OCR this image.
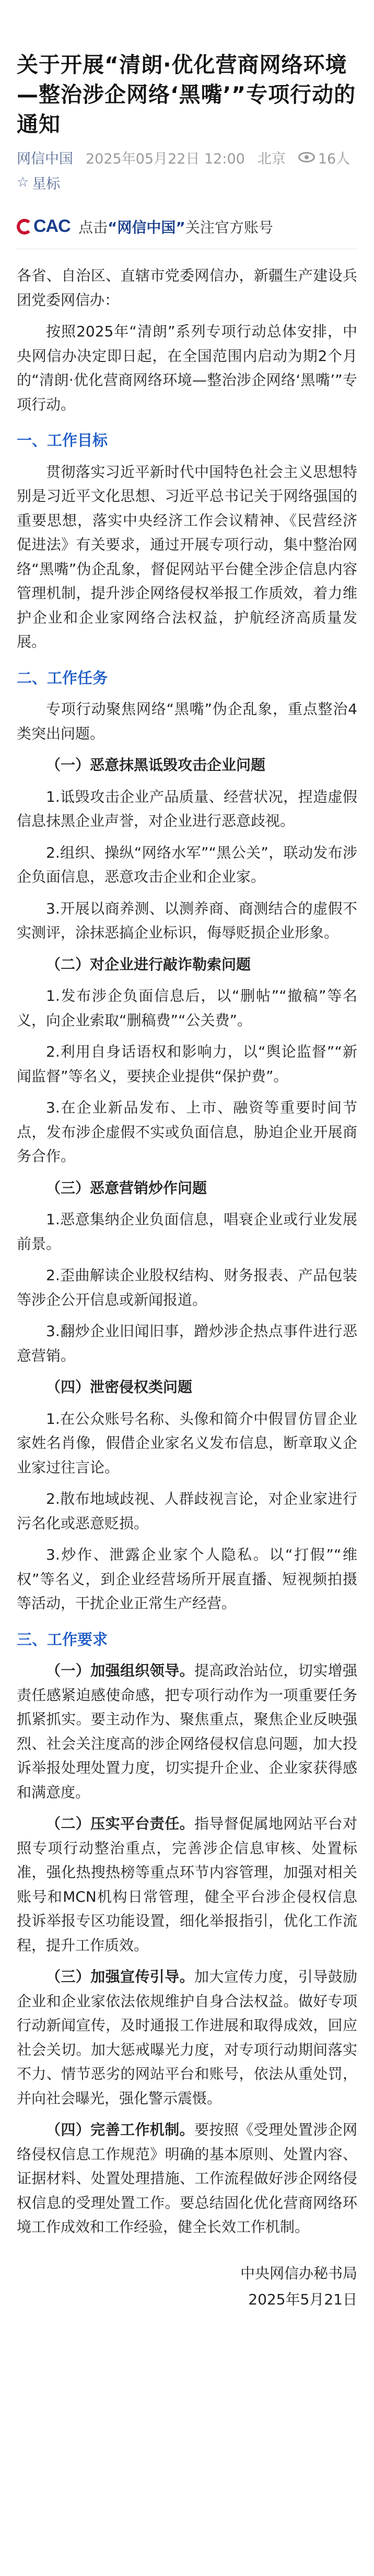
关于开展“清朗·优化营商网络环境—整治涉企网络‘黑嘴’”专项行动的通知
网信中国 2025年05月22日 12:00 北京 16人
☆ 星标
CAC 点击“网信中国”关注官方账号

各省、自治区、直辖市党委网信办，新疆生产建设兵团党委网信办：

按照2025年“清朗”系列专项行动总体安排，中央网信办决定即日起，在全国范围内启动为期2个月的“清朗·优化营商网络环境—整治涉企网络‘黑嘴’”专项行动。

一、工作目标

贯彻落实习近平新时代中国特色社会主义思想特别是习近平文化思想、习近平总书记关于网络强国的重要思想，落实中央经济工作会议精神、《民营经济促进法》有关要求，通过开展专项行动，集中整治网络“黑嘴”伪企乱象，督促网站平台健全涉企信息内容管理机制，提升涉企网络侵权举报工作质效，着力维护企业和企业家网络合法权益，护航经济高质量发展。

二、工作任务

专项行动聚焦网络“黑嘴”伪企乱象，重点整治4类突出问题。

（一）恶意抹黑诋毁攻击企业问题

1.诋毁攻击企业产品质量、经营状况，捏造虚假信息抹黑企业声誉，对企业进行恶意歧视。

2.组织、操纵“网络水军”“黑公关”，联动发布涉企负面信息，恶意攻击企业和企业家。

3.开展以商养测、以测养商、商测结合的虚假不实测评，涂抹恶搞企业标识，侮辱贬损企业形象。

（二）对企业进行敲诈勒索问题

1.发布涉企负面信息后，以“删帖”“撤稿”等名义，向企业索取“删稿费”“公关费”。

2.利用自身话语权和影响力，以“舆论监督”“新闻监督”等名义，要挟企业提供“保护费”。

3.在企业新品发布、上市、融资等重要时间节点，发布涉企虚假不实或负面信息，胁迫企业开展商务合作。

（三）恶意营销炒作问题

1.恶意集纳企业负面信息，唱衰企业或行业发展前景。

2.歪曲解读企业股权结构、财务报表、产品包装等涉企公开信息或新闻报道。

3.翻炒企业旧闻旧事，蹭炒涉企热点事件进行恶意营销。

（四）泄密侵权类问题

1.在公众账号名称、头像和简介中假冒仿冒企业家姓名肖像，假借企业家名义发布信息，断章取义企业家过往言论。

2.散布地域歧视、人群歧视言论，对企业家进行污名化或恶意贬损。

3.炒作、泄露企业家个人隐私。以“打假”“维权”等名义，到企业经营场所开展直播、短视频拍摄等活动，干扰企业正常生产经营。

三、工作要求

（一）加强组织领导。提高政治站位，切实增强责任感紧迫感使命感，把专项行动作为一项重要任务抓紧抓实。要主动作为、聚焦重点，聚焦企业反映强烈、社会关注度高的涉企网络侵权信息问题，加大投诉举报处理处置力度，切实提升企业、企业家获得感和满意度。

（二）压实平台责任。指导督促属地网站平台对照专项行动整治重点，完善涉企信息审核、处置标准，强化热搜热榜等重点环节内容管理，加强对相关账号和MCN机构日常管理，健全平台涉企侵权信息投诉举报专区功能设置，细化举报指引，优化工作流程，提升工作质效。

（三）加强宣传引导。加大宣传力度，引导鼓励企业和企业家依法依规维护自身合法权益。做好专项行动新闻宣传，及时通报工作进展和取得成效，回应社会关切。加大惩戒曝光力度，对专项行动期间落实不力、情节恶劣的网站平台和账号，依法从重处罚，并向社会曝光，强化警示震慑。

（四）完善工作机制。要按照《受理处置涉企网络侵权信息工作规范》明确的基本原则、处置内容、证据材料、处置处理措施、工作流程做好涉企网络侵权信息的受理处置工作。要总结固化优化营商网络环境工作成效和工作经验，健全长效工作机制。

中央网信办秘书局
2025年5月21日
